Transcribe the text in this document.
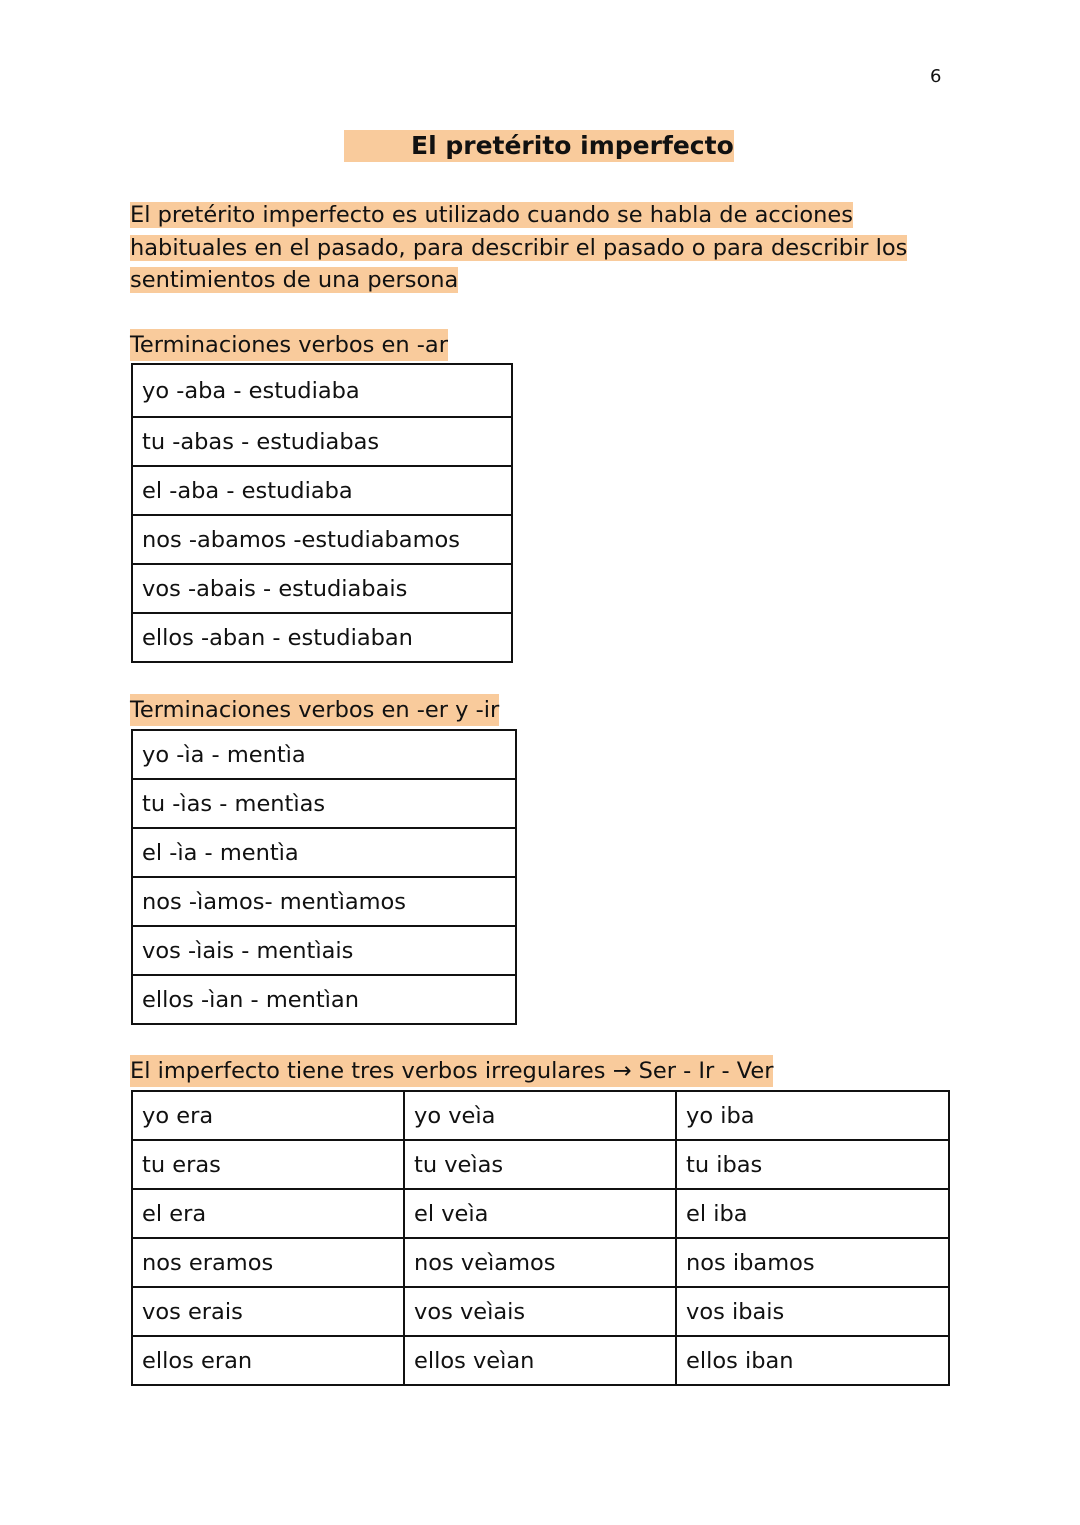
6
El pretérito imperfecto
El pretérito imperfecto es utilizado cuando se habla de acciones
habituales en el pasado, para describir el pasado o para describir los
sentimientos de una persona
Terminaciones verbos en -ar
yo -aba - estudiaba
tu -abas - estudiabas
el -aba - estudiaba
nos -abamos -estudiabamos
vos -abais - estudiabais
ellos -aban - estudiaban
Terminaciones verbos en -er y -ir
yo -ìa - mentìa
tu -ìas - mentìas
el -ìa - mentìa
nos -ìamos- mentìamos
vos -ìais - mentìais
ellos -ìan - mentìan
El imperfecto tiene tres verbos irregulares → Ser - Ir - Ver
yo era	yo veìa	yo iba
tu eras	tu veìas	tu ibas
el era	el veìa	el iba
nos eramos	nos veìamos	nos ibamos
vos erais	vos veìais	vos ibais
ellos eran	ellos veìan	ellos iban
